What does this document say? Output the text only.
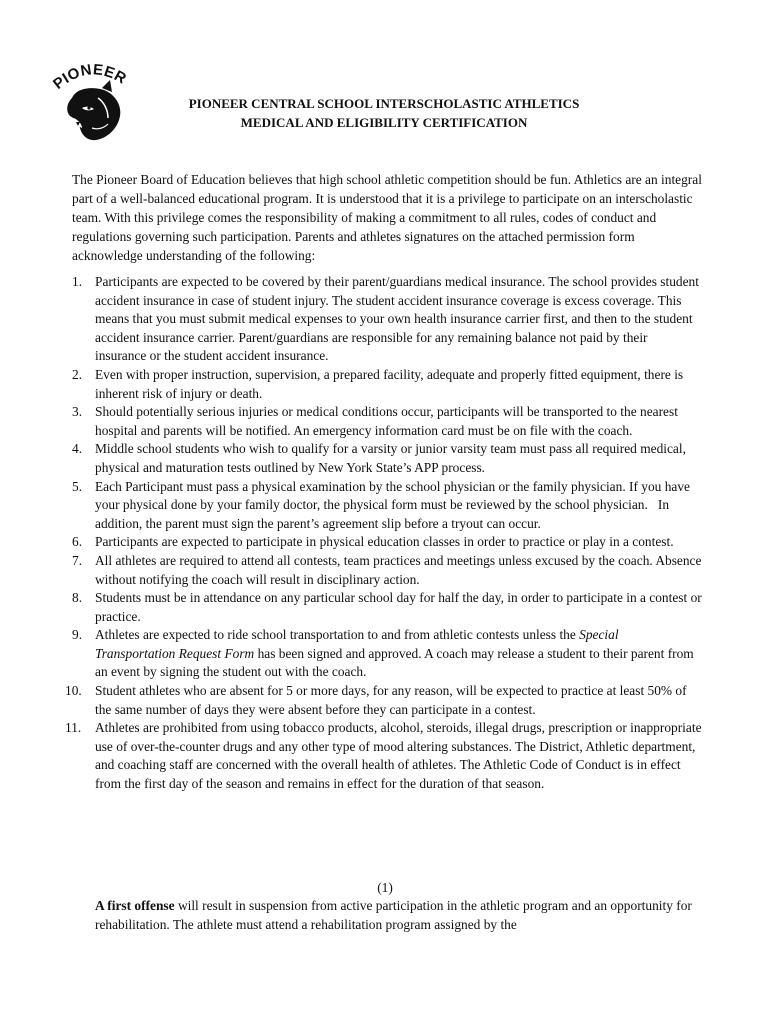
IONEER
PIONEER CENTRAL SCHOOL INTERSCHOLASTIC ATHLETICS
MEDICAL AND ELIGIBILITY CERTIFICATION

The Pioneer Board of Education believes that high school athletic competition should be fun. Athletics are an integral part of a well-balanced educational program. It is understood that it is a privilege to participate on an interscholastic team. With this privilege comes the responsibility of making a commitment to all rules, codes of conduct and regulations governing such participation. Parents and athletes signatures on the attached permission form acknowledge understanding of the following:

1. Participants are expected to be covered by their parent/guardians medical insurance. The school provides student accident insurance in case of student injury. The student accident insurance coverage is excess coverage. This means that you must submit medical expenses to your own health insurance carrier first, and then to the student accident insurance carrier. Parent/guardians are responsible for any remaining balance not paid by their insurance or the student accident insurance.
2. Even with proper instruction, supervision, a prepared facility, adequate and properly fitted equipment, there is inherent risk of injury or death.
3. Should potentially serious injuries or medical conditions occur, participants will be transported to the nearest hospital and parents will be notified. An emergency information card must be on file with the coach.
4. Middle school students who wish to qualify for a varsity or junior varsity team must pass all required medical, physical and maturation tests outlined by New York State’s APP process.
5. Each Participant must pass a physical examination by the school physician or the family physician. If you have your physical done by your family doctor, the physical form must be reviewed by the school physician.   In addition, the parent must sign the parent’s agreement slip before a tryout can occur.
6. Participants are expected to participate in physical education classes in order to practice or play in a contest.
7. All athletes are required to attend all contests, team practices and meetings unless excused by the coach. Absence without notifying the coach will result in disciplinary action.
8. Students must be in attendance on any particular school day for half the day, in order to participate in a contest or practice.
9. Athletes are expected to ride school transportation to and from athletic contests unless the Special Transportation Request Form has been signed and approved. A coach may release a student to their parent from an event by signing the student out with the coach.
10. Student athletes who are absent for 5 or more days, for any reason, will be expected to practice at least 50% of the same number of days they were absent before they can participate in a contest.
11.	Athletes are prohibited from using tobacco products, alcohol, steroids, illegal drugs, prescription or inappropriate use of over-the-counter drugs and any other type of mood altering substances. The District, Athletic department, and coaching staff are concerned with the overall health of athletes. The Athletic Code of Conduct is in effect from the first day of the season and remains in effect for the duration of that season.
(1)

A first offense will result in suspension from active participation in the athletic program and an opportunity for rehabilitation. The athlete must attend a rehabilitation program assigned by the
